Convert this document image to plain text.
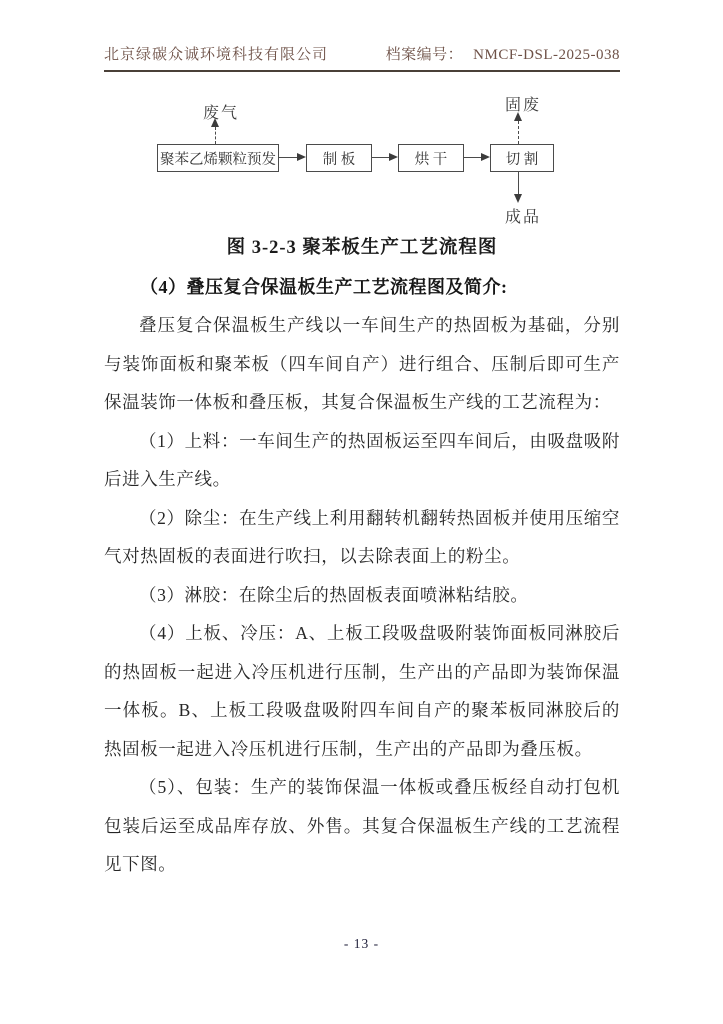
北京绿碳众诚环境科技有限公司	档案编号： NMCF-DSL-2025-038
废气
聚苯乙烯颗粒预发	制 板	烘 干	切 割
固废
成品
图 3-2-3 聚苯板生产工艺流程图
（4）叠压复合保温板生产工艺流程图及简介:

叠压复合保温板生产线以一车间生产的热固板为基础，分别与装饰面板和聚苯板（四车间自产）进行组合、压制后即可生产保温装饰一体板和叠压板，其复合保温板生产线的工艺流程为：

（1）上料：一车间生产的热固板运至四车间后，由吸盘吸附后进入生产线。

（2）除尘：在生产线上利用翻转机翻转热固板并使用压缩空气对热固板的表面进行吹扫，以去除表面上的粉尘。

（3）淋胶：在除尘后的热固板表面喷淋粘结胶。

（4）上板、冷压：A、上板工段吸盘吸附装饰面板同淋胶后的热固板一起进入冷压机进行压制，生产出的产品即为装饰保温一体板。B、上板工段吸盘吸附四车间自产的聚苯板同淋胶后的热固板一起进入冷压机进行压制，生产出的产品即为叠压板。

（5）、包装：生产的装饰保温一体板或叠压板经自动打包机包装后运至成品库存放、外售。其复合保温板生产线的工艺流程见下图。

- 13 -
